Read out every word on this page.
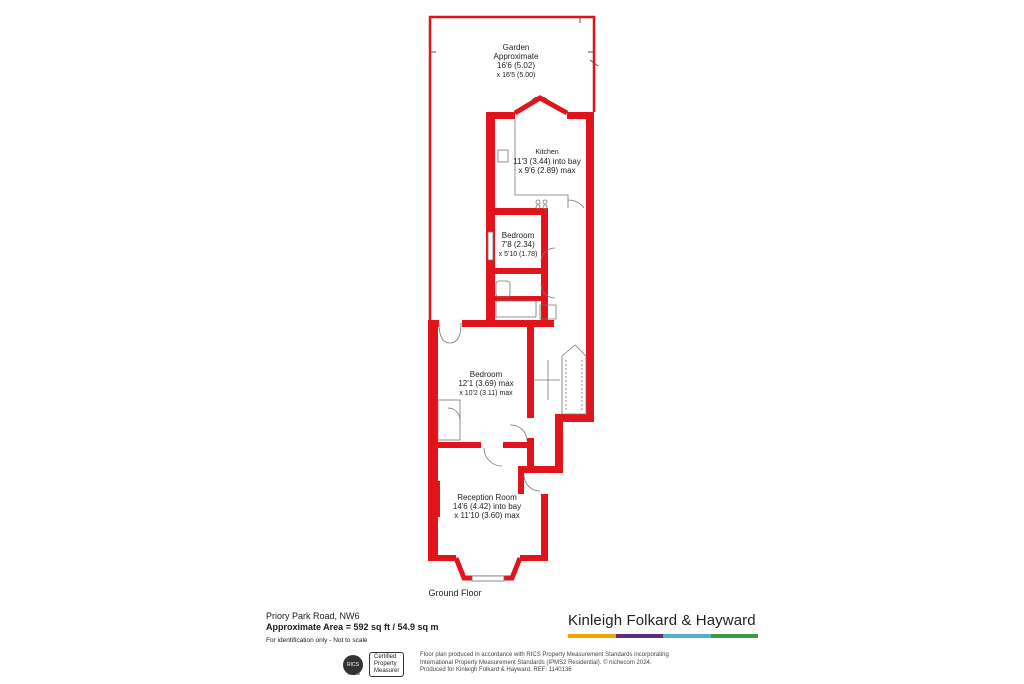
Garden
Approximate
16'6 (5.02)
x 16'5 (5.00)
Kitchen
11'3 (3.44) into bay
x 9'6 (2.89) max
Bedroom
7'8 (2.34)
x 5'10 (1.78)
Bedroom
12'1 (3.69) max
x 10'2 (3.11) max
Reception Room
14'6 (4.42) into bay
x 11'10 (3.60) max
Ground Floor
Priory Park Road, NW6
Approximate Area = 592 sq ft / 54.9 sq m
For identification only - Not to scale
Kinleigh Folkard & Hayward
RICS
Certified
Property
Measurer
RICS
Floor plan produced in accordance with RICS Property Measurement Standards incorporating
International Property Measurement Standards (IPMS2 Residential). © nichecom 2024.
Produced for Kinleigh Folkard & Hayward. REF: 1140136
